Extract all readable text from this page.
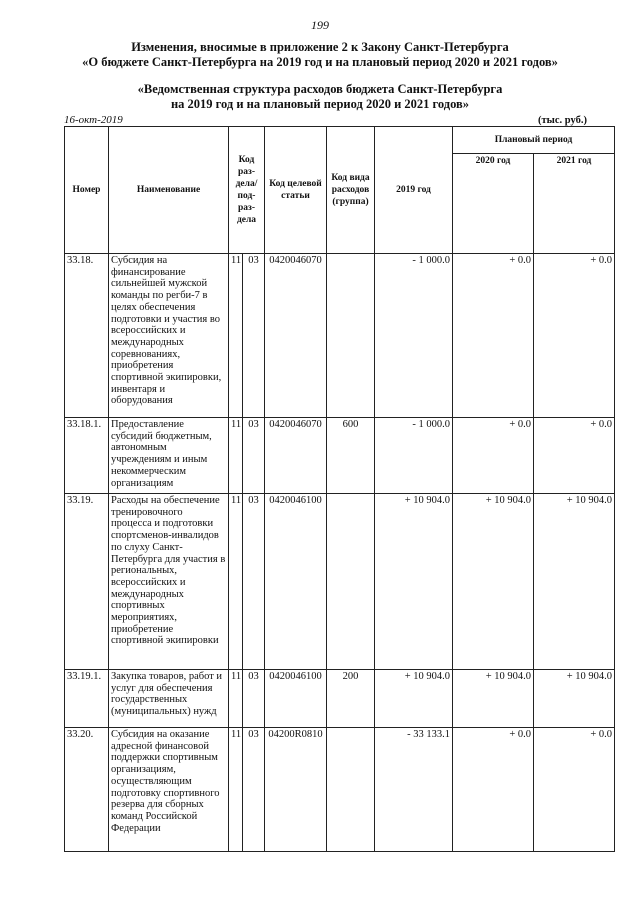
199
Изменения, вносимые в приложение 2 к Закону Санкт-Петербурга
«О бюджете Санкт-Петербурга на 2019 год и на плановый период 2020 и 2021 годов»
«Ведомственная структура расходов бюджета Санкт-Петербурга
на 2019 год и на плановый период 2020 и 2021 годов»
16-окт-2019	(тыс. руб.)
Номер	Наименование	Код раз-дела/ под-раз-дела		Код целевой статьи	Код вида расходов (группа)	2019 год	Плановый период	
							2020 год	2021 год
33.18.	Субсидия на финансирование сильнейшей мужской команды по регби-7 в целях обеспечения подготовки и участия во всероссийских и международных соревнованиях, приобретения спортивной экипировки, инвентаря и оборудования	11	03	0420046070		- 1 000.0	+ 0.0	+ 0.0
33.18.1.	Предоставление субсидий бюджетным, автономным учреждениям и иным некоммерческим организациям	11	03	0420046070	600	- 1 000.0	+ 0.0	+ 0.0
33.19.	Расходы на обеспечение тренировочного процесса и подготовки спортсменов-инвалидов по слуху Санкт-Петербурга для участия в региональных, всероссийских и международных спортивных мероприятиях, приобретение спортивной экипировки	11	03	0420046100		+ 10 904.0	+ 10 904.0	+ 10 904.0
33.19.1.	Закупка товаров, работ и услуг для обеспечения государственных (муниципальных) нужд	11	03	0420046100	200	+ 10 904.0	+ 10 904.0	+ 10 904.0
33.20.	Субсидия на оказание адресной финансовой поддержки спортивным организациям, осуществляющим подготовку спортивного резерва для сборных команд Российской Федерации	11	03	04200R0810		- 33 133.1	+ 0.0	+ 0.0
